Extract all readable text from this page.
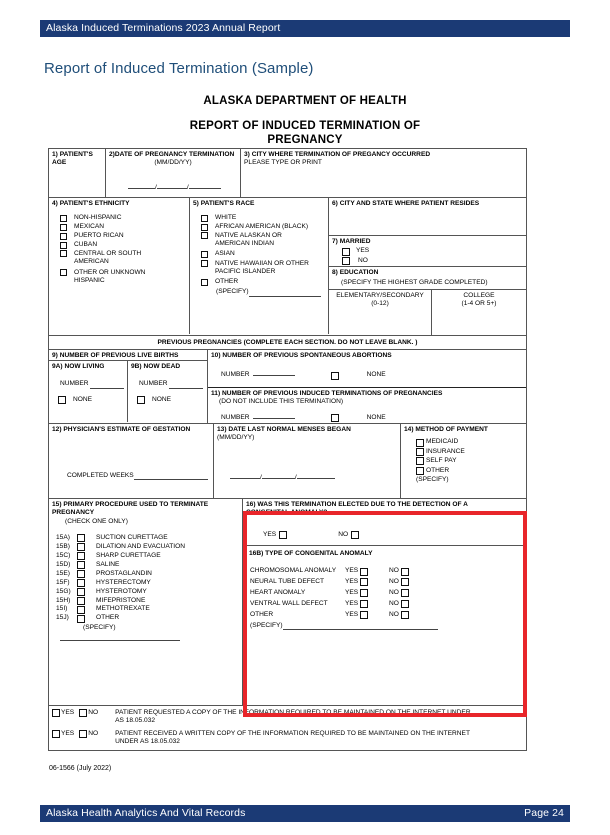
Alaska Induced Terminations 2023 Annual Report
Report of Induced Termination (Sample)
ALASKA DEPARTMENT OF HEALTH
REPORT OF INDUCED TERMINATION OF
PREGNANCY
1) PATIENT'S
AGE
2)DATE OF PREGNANCY TERMINATION
(MM/DD/YY)
/	/
3) CITY WHERE TERMINATION OF PREGANCY OCCURRED
PLEASE TYPE OR PRINT
4) PATIENT'S ETHNICITY
NON-HISPANIC
MEXICAN
PUERTO RICAN
CUBAN
CENTRAL OR SOUTH AMERICAN
OTHER OR UNKNOWN HISPANIC
5) PATIENT'S RACE
WHITE
AFRICAN AMERICAN (BLACK)
NATIVE ALASKAN OR AMERICAN INDIAN
ASIAN
NATIVE HAWAIIAN OR OTHER PACIFIC ISLANDER
OTHER
(SPECIFY)
6) CITY AND STATE WHERE PATIENT RESIDES
7) MARRIED
YES
NO
8) EDUCATION
(SPECIFY THE HIGHEST GRADE COMPLETED)
ELEMENTARY/SECONDARY
(0-12)
COLLEGE
(1-4 OR 5+)
PREVIOUS PREGNANCIES (COMPLETE EACH SECTION. DO NOT LEAVE BLANK. )
9) NUMBER OF PREVIOUS LIVE BIRTHS
9A) NOW LIVING
NUMBER
NONE
9B) NOW DEAD
NUMBER
NONE
10) NUMBER OF PREVIOUS SPONTANEOUS ABORTIONS
NUMBER	NONE
11) NUMBER OF PREVIOUS INDUCED TERMINATIONS OF PREGNANCIES
(DO NOT INCLUDE THIS TERMINATION)
NUMBER	NONE
12) PHYSICIAN'S ESTIMATE OF GESTATION
COMPLETED WEEKS
13) DATE LAST NORMAL MENSES BEGAN
(MM/DD/YY)
/	/
14) METHOD OF PAYMENT
MEDICAID
INSURANCE
SELF PAY
OTHER
(SPECIFY)
15) PRIMARY PROCEDURE USED TO TERMINATE
PREGNANCY
(CHECK ONE ONLY)
15A)	SUCTION CURETTAGE
15B)	DILATION AND EVACUATION
15C)	SHARP CURETTAGE
15D)	SALINE
15E)	PROSTAGLANDIN
15F)	HYSTERECTOMY
15G)	HYSTEROTOMY
15H)	MIFEPRISTONE
15I)	METHOTREXATE
15J)	OTHER
(SPECIFY)
16) WAS THIS TERMINATION ELECTED DUE TO THE DETECTION OF A
CONGENITAL ANOMALY?
YES	NO
16B) TYPE OF CONGENITAL ANOMALY
CHROMOSOMAL ANOMALY	YES	NO
NEURAL TUBE DEFECT	YES	NO
HEART ANOMALY	YES	NO
VENTRAL WALL DEFECT	YES	NO
OTHER	YES	NO
(SPECIFY)
YES NO	PATIENT REQUESTED A COPY OF THE INFORMATION REQUIRED TO BE MAINTAINED ON THE INTERNET UNDER
AS 18.05.032
YES NO	PATIENT RECEIVED A WRITTEN COPY OF THE INFORMATION REQUIRED TO BE MAINTAINED ON THE INTERNET
UNDER AS 18.05.032
06-1566 (July 2022)
Alaska Health Analytics And Vital Records	Page 24
